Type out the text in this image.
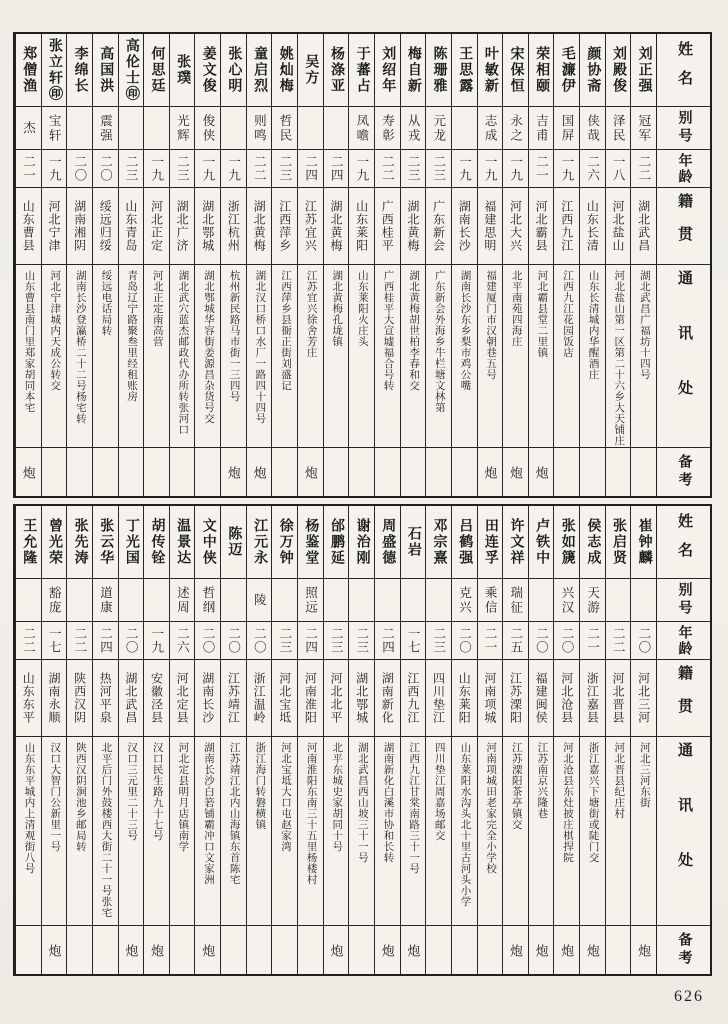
姓名
别号
年龄
籍贯
通讯处
备考
刘正强
冠军
二二
湖北武昌
湖北武昌广福坊十四号
刘殿俊
泽民
一八
河北盐山
河北盐山第一区第二十六乡大天铺庄
颜协斋
侠哉
二六
山东长清
山东长清城内华醒酒庄
毛濂伊
国屏
一九
江西九江
江西九江花园饭店
荣相颐
吉甫
二一
河北霸县
河北霸县堂二里镇
炮
宋保恒
永之
一九
河北大兴
北平南苑四海庄
炮
叶敏新
志成
一九
福建思明
福建厦门市汉朝巷五号
炮
王思露
一九
湖南长沙
湖南长沙东乡梨市鸡公嘴
陈珊雅
元龙
二三
广东新会
广东新会外海乡牛栏塘文林第
梅自新
从戎
二三
湖北黄梅
湖北黄梅胡世柏李春和交
刘绍年
寿彰
二二
广西桂平
广西桂平大宣墟福合号转
于蕃占
凤噡
一九
山东莱阳
山东莱阳火庄头
杨涤亚
二四
湖北黄梅
湖北黄梅孔垅镇
吴方
二四
江苏宜兴
江苏宜兴徐舍芳庄
炮
姚灿梅
哲民
二三
江西萍乡
江西萍乡县衙正街刘盛记
童启烈
则鸣
二二
湖北黄梅
湖北汉口桥口水厂一路四十四号
炮
张心明
一九
浙江杭州
杭州新民路马市街一三四号
炮
姜文俊
俊侠
一九
湖北鄂城
湖北鄂城华容街姜源昌杂货号交
张璞
光辉
二三
湖北广济
湖北武穴蓝杰邮政代办所转张河口
何思廷
一九
河北正定
河北正定南高营
高伦士㊞
二三
山东青岛
青岛辽宁路聚叁里经租账房
高国洪
震强
二〇
绥远归绥
绥远电话局转
李绵长
二〇
湖南湘阴
湖南长沙登瀛桥二十二号杨宅转
张立轩㊞
宝轩
一九
河北宁津
河北宁津城内天成公转交
郑僧渔
杰
二一
山东曹县
山东曹县南门里郑家胡同本宅
炮
姓名
别号
年龄
籍贯
通讯处
备考
崔钟麟
二〇
河北三河
河北三河东街
炮
张启贤
二二
河北晋县
河北晋县纪庄村
侯志成
天游
二一
浙江嘉县
浙江嘉兴下塘街或陡门交
炮
张如篪
兴汉
二〇
河北沧县
河北沧县东灶披庄棋捍院
炮
卢铁中
二〇
福建闽侯
江苏南京兴隆巷
炮
许文祥
瑞征
二五
江苏溧阳
江苏溧阳茶亭镇交
炮
田连孚
乘信
二一
河南项城
河南项城田老家完全小学校
吕鹤强
克兴
二〇
山东莱阳
山东莱阳水沟头北十里古河头小学
邓宗熹
二三
四川垫江
四川垫江周嘉场邮交
石岩
一七
江西九江
江西九江甘棠南路三十一号
炮
周盛德
二四
湖南新化
湖南新化白溪市协和长转
炮
谢治刚
二三
湖北鄂城
湖北武昌西山坡三十一号
邰鹏延
二三
河北北平
北平东城史家胡同十号
炮
杨鉴堂
照远
二四
河南淮阳
河南淮阳东南三十五里杨楼村
徐万钟
二三
河北宝坻
河北宝坻大口屯赵家湾
江元永
陵
二〇
浙江温岭
浙江海门转磐横镇
陈迈
二〇
江苏靖江
江苏靖江北内山海镇东首陈宅
文中侠
哲纲
二〇
湖南长沙
湖南长沙白箬铺霸冲口文家洲
炮
温景达
述周
二六
河北定县
河北定县明月店镇南学
胡传铨
一九
安徽泾县
汉口民生路九十七号
炮
丁光国
二〇
湖北武昌
汉口三元里二十三号
炮
张云华
道康
二四
热河平泉
北平后门外鼓楼西大街二十一号张宅
张先涛
二二
陕西汉阴
陕西汉阴涧池乡邮局转
曾光荣
豁庞
一七
湖南永顺
汉口大智门公新里一号
炮
王允隆
二二
山东东平
山东东平城内上清观街八号
626
